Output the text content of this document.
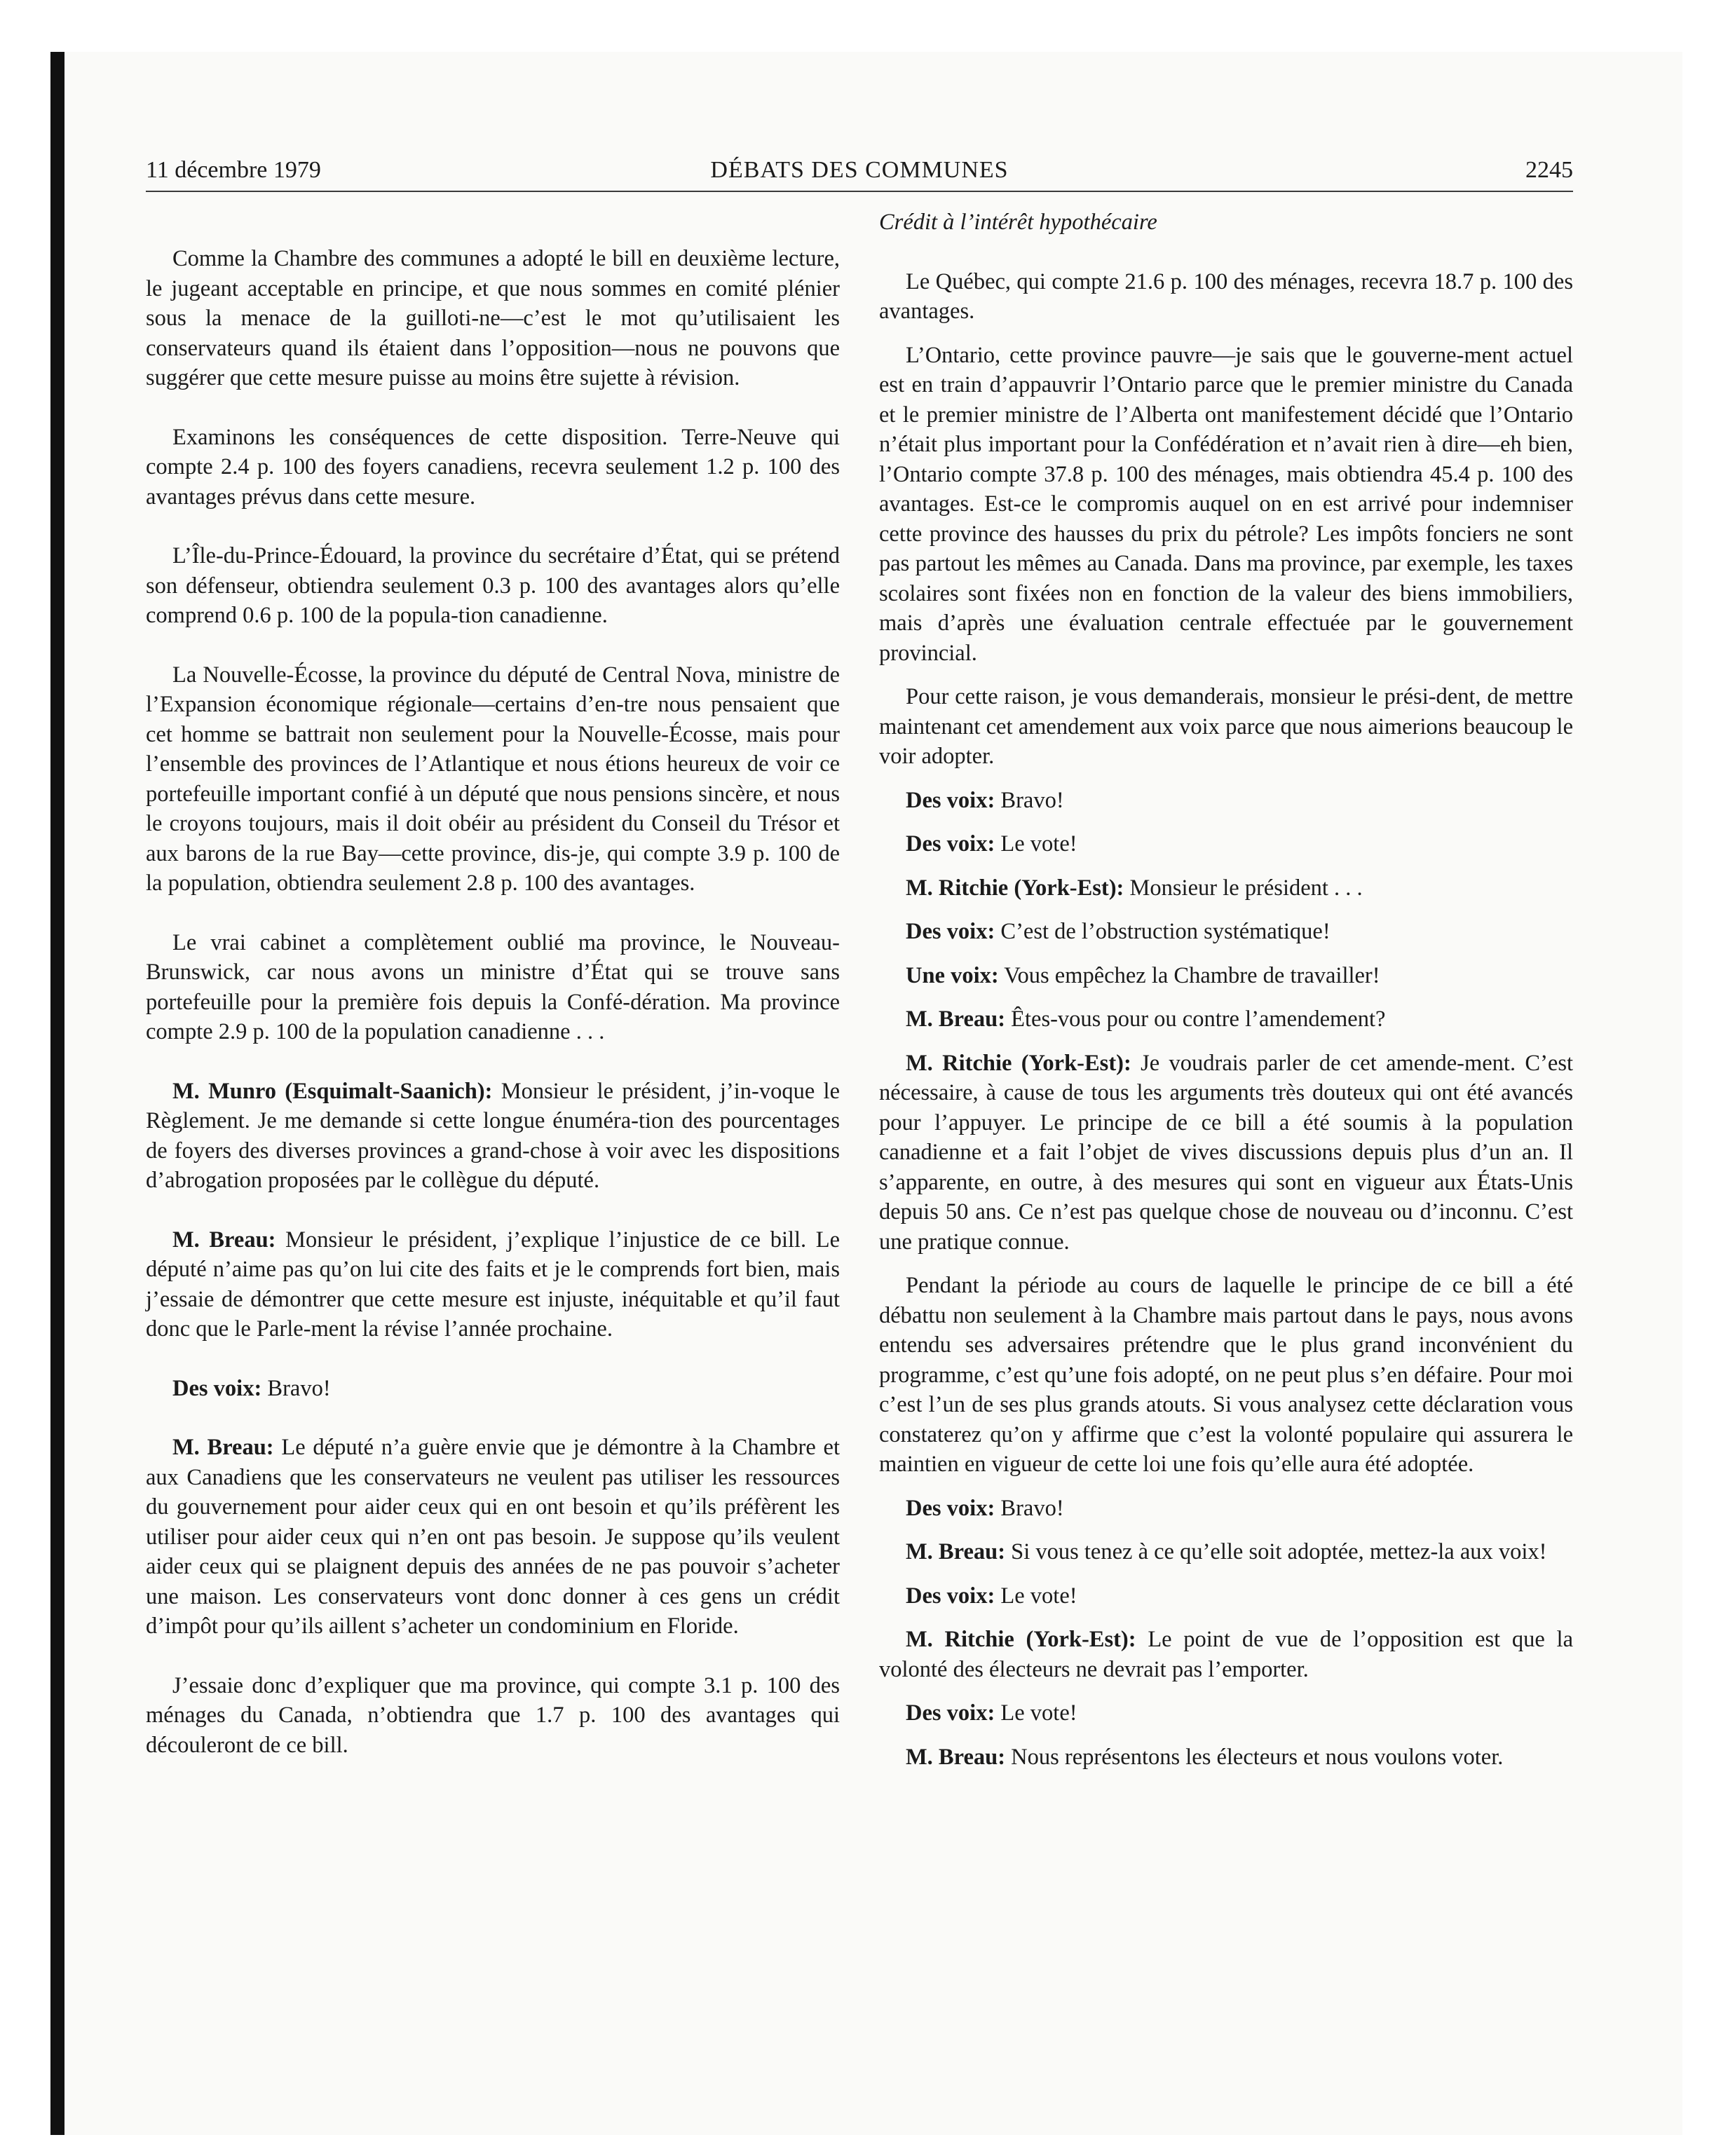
11 décembre 1979	DÉBATS DES COMMUNES	2245

Comme la Chambre des communes a adopté le bill en deuxième lecture, le jugeant acceptable en principe, et que nous sommes en comité plénier sous la menace de la guilloti-ne—c’est le mot qu’utilisaient les conservateurs quand ils étaient dans l’opposition—nous ne pouvons que suggérer que cette mesure puisse au moins être sujette à révision.

Examinons les conséquences de cette disposition. Terre-Neuve qui compte 2.4 p. 100 des foyers canadiens, recevra seulement 1.2 p. 100 des avantages prévus dans cette mesure.

L’Île-du-Prince-Édouard, la province du secrétaire d’État, qui se prétend son défenseur, obtiendra seulement 0.3 p. 100 des avantages alors qu’elle comprend 0.6 p. 100 de la popula-tion canadienne.

La Nouvelle-Écosse, la province du député de Central Nova, ministre de l’Expansion économique régionale—certains d’en-tre nous pensaient que cet homme se battrait non seulement pour la Nouvelle-Écosse, mais pour l’ensemble des provinces de l’Atlantique et nous étions heureux de voir ce portefeuille important confié à un député que nous pensions sincère, et nous le croyons toujours, mais il doit obéir au président du Conseil du Trésor et aux barons de la rue Bay—cette province, dis-je, qui compte 3.9 p. 100 de la population, obtiendra seulement 2.8 p. 100 des avantages.

Le vrai cabinet a complètement oublié ma province, le Nouveau-Brunswick, car nous avons un ministre d’État qui se trouve sans portefeuille pour la première fois depuis la Confé-dération. Ma province compte 2.9 p. 100 de la population canadienne . . .

M. Munro (Esquimalt-Saanich): Monsieur le président, j’in-voque le Règlement. Je me demande si cette longue énuméra-tion des pourcentages de foyers des diverses provinces a grand-chose à voir avec les dispositions d’abrogation proposées par le collègue du député.

M. Breau: Monsieur le président, j’explique l’injustice de ce bill. Le député n’aime pas qu’on lui cite des faits et je le comprends fort bien, mais j’essaie de démontrer que cette mesure est injuste, inéquitable et qu’il faut donc que le Parle-ment la révise l’année prochaine.

Des voix: Bravo!

M. Breau: Le député n’a guère envie que je démontre à la Chambre et aux Canadiens que les conservateurs ne veulent pas utiliser les ressources du gouvernement pour aider ceux qui en ont besoin et qu’ils préfèrent les utiliser pour aider ceux qui n’en ont pas besoin. Je suppose qu’ils veulent aider ceux qui se plaignent depuis des années de ne pas pouvoir s’acheter une maison. Les conservateurs vont donc donner à ces gens un crédit d’impôt pour qu’ils aillent s’acheter un condominium en Floride.

J’essaie donc d’expliquer que ma province, qui compte 3.1 p. 100 des ménages du Canada, n’obtiendra que 1.7 p. 100 des avantages qui découleront de ce bill.

Crédit à l’intérêt hypothécaire

Le Québec, qui compte 21.6 p. 100 des ménages, recevra 18.7 p. 100 des avantages.

L’Ontario, cette province pauvre—je sais que le gouverne-ment actuel est en train d’appauvrir l’Ontario parce que le premier ministre du Canada et le premier ministre de l’Alberta ont manifestement décidé que l’Ontario n’était plus important pour la Confédération et n’avait rien à dire—eh bien, l’Ontario compte 37.8 p. 100 des ménages, mais obtiendra 45.4 p. 100 des avantages. Est-ce le compromis auquel on en est arrivé pour indemniser cette province des hausses du prix du pétrole? Les impôts fonciers ne sont pas partout les mêmes au Canada. Dans ma province, par exemple, les taxes scolaires sont fixées non en fonction de la valeur des biens immobiliers, mais d’après une évaluation centrale effectuée par le gouvernement provincial.

Pour cette raison, je vous demanderais, monsieur le prési-dent, de mettre maintenant cet amendement aux voix parce que nous aimerions beaucoup le voir adopter.

Des voix: Bravo!

Des voix: Le vote!

M. Ritchie (York-Est): Monsieur le président . . .

Des voix: C’est de l’obstruction systématique!

Une voix: Vous empêchez la Chambre de travailler!

M. Breau: Êtes-vous pour ou contre l’amendement?

M. Ritchie (York-Est): Je voudrais parler de cet amende-ment. C’est nécessaire, à cause de tous les arguments très douteux qui ont été avancés pour l’appuyer. Le principe de ce bill a été soumis à la population canadienne et a fait l’objet de vives discussions depuis plus d’un an. Il s’apparente, en outre, à des mesures qui sont en vigueur aux États-Unis depuis 50 ans. Ce n’est pas quelque chose de nouveau ou d’inconnu. C’est une pratique connue.

Pendant la période au cours de laquelle le principe de ce bill a été débattu non seulement à la Chambre mais partout dans le pays, nous avons entendu ses adversaires prétendre que le plus grand inconvénient du programme, c’est qu’une fois adopté, on ne peut plus s’en défaire. Pour moi c’est l’un de ses plus grands atouts. Si vous analysez cette déclaration vous constaterez qu’on y affirme que c’est la volonté populaire qui assurera le maintien en vigueur de cette loi une fois qu’elle aura été adoptée.

Des voix: Bravo!

M. Breau: Si vous tenez à ce qu’elle soit adoptée, mettez-la aux voix!

Des voix: Le vote!

M. Ritchie (York-Est): Le point de vue de l’opposition est que la volonté des électeurs ne devrait pas l’emporter.

Des voix: Le vote!

M. Breau: Nous représentons les électeurs et nous voulons voter.
